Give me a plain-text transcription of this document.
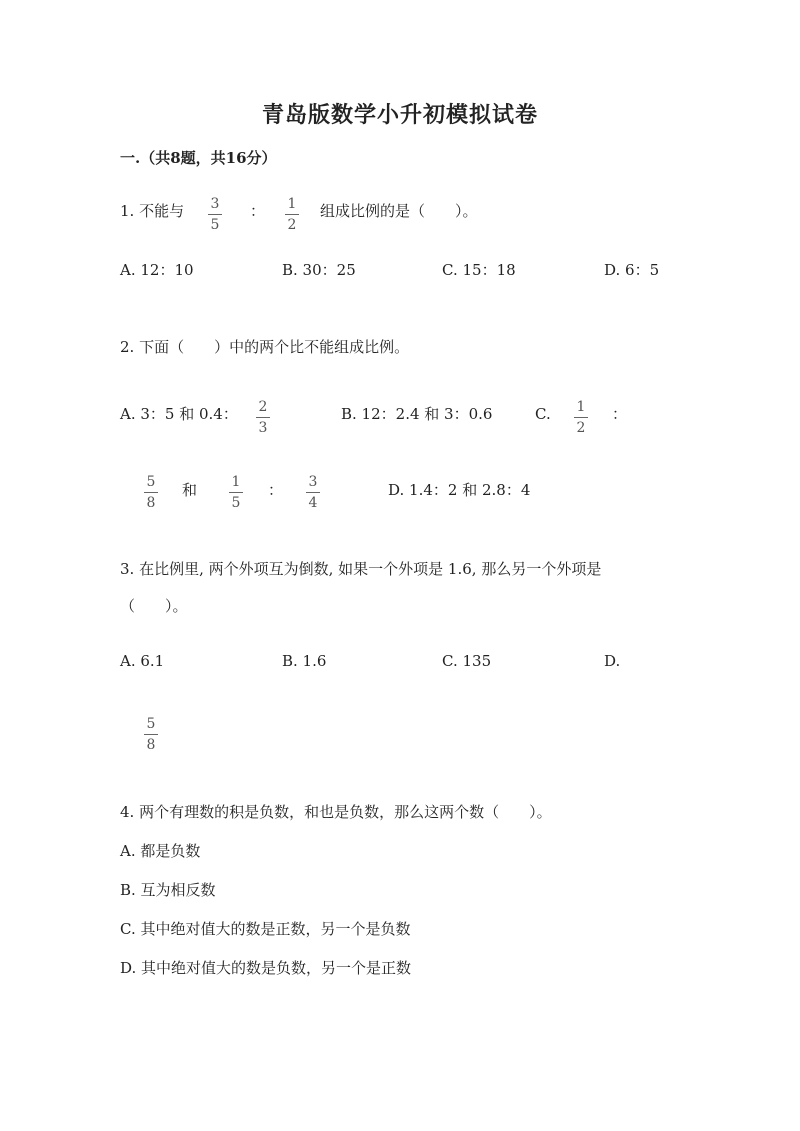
青岛版数学小升初模拟试卷
一.（共8题，共16分）
1. 不能与 3
5
： 1
2
组成比例的是（　　）。
A. 12：10	B. 30：25	C. 15：18	D. 6：5
2. 下面（　　）中的两个比不能组成比例。
A. 3：5 和 0.4： 2
3
B. 12：2.4 和 3：0.6	C. 1
2
：
5
8
和 1
5
： 3
4
D. 1.4：2 和 2.8：4
3. 在比例里, 两个外项互为倒数, 如果一个外项是 1.6, 那么另一个外项是
（　　）。
A. 6.1	B. 1.6	C. 135	D.
5
8
4. 两个有理数的积是负数，和也是负数，那么这两个数（　　）。
A. 都是负数
B. 互为相反数
C. 其中绝对值大的数是正数，另一个是负数
D. 其中绝对值大的数是负数，另一个是正数
